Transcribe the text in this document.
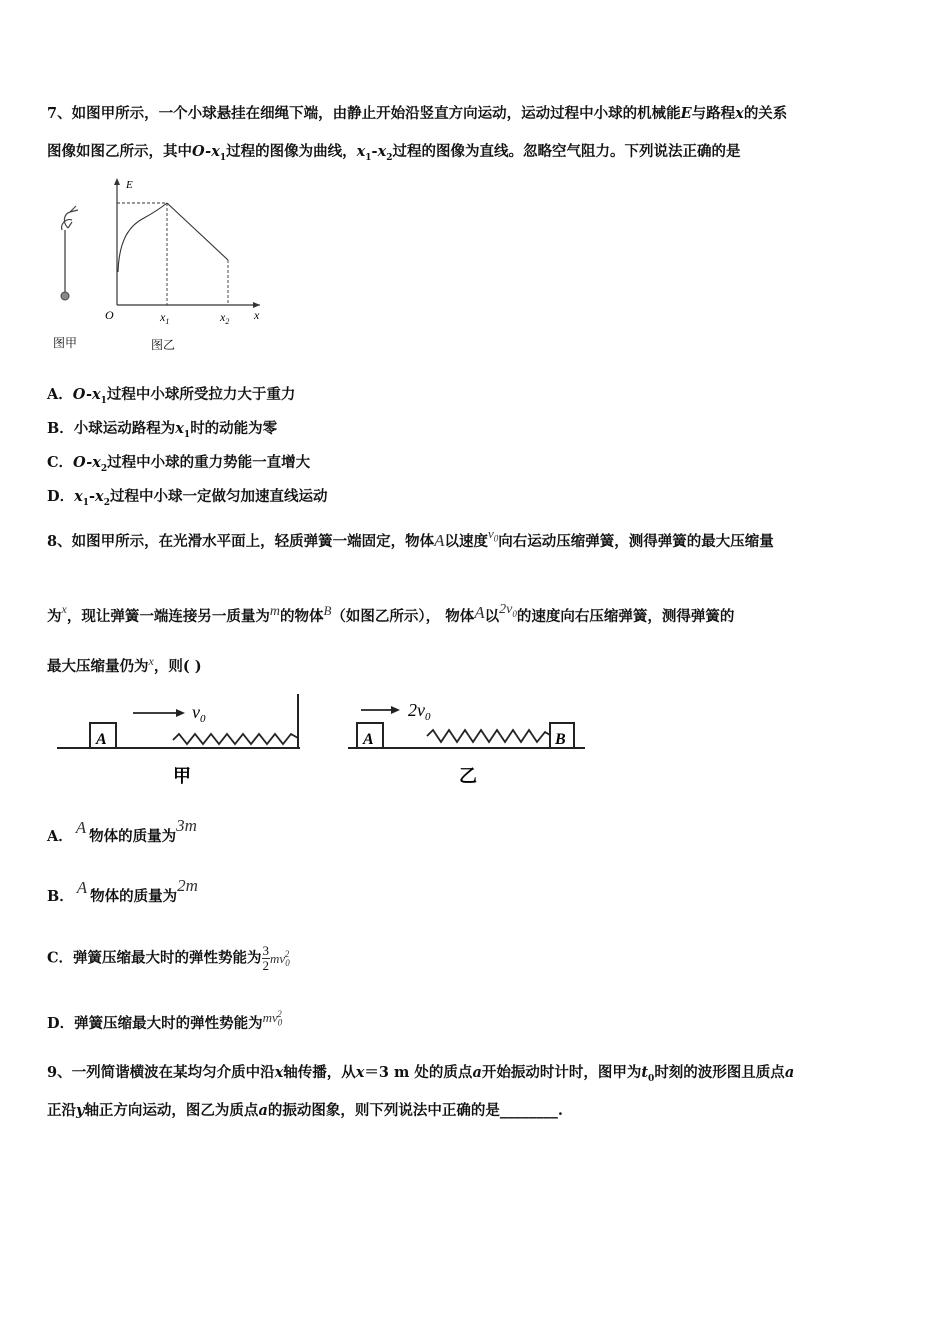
7、如图甲所示，一个小球悬挂在细绳下端，由静止开始沿竖直方向运动，运动过程中小球的机械能E与路程x的关系
图像如图乙所示，其中$O-x_1$过程的图像为曲线，$x_1-x_2$过程的图像为直线。忽略空气阻力。下列说法正确的是
图甲
E
x
O	$x_1$	$x_2$
图乙
A．$O-x_1$过程中小球所受拉力大于重力
B．小球运动路程为$x_1$时的动能为零
C．$O-x_2$过程中小球的重力势能一直增大
D．$x_1-x_2$过程中小球一定做匀加速直线运动
8、如图甲所示，在光滑水平面上，轻质弹簧一端固定，物体A以速度$v_0$向右运动压缩弹簧，测得弹簧的最大压缩量
为$^x$，现让弹簧一端连接另一质量为m的物体B（如图乙所示）， 物体A以$2v_0$的速度向右压缩弹簧，测得弹簧的
最大压缩量仍为$^x$，则( )
A
$v_0$
甲
A	B
$2v_0$
乙
A． A 物体的质量为3m
B． A 物体的质量为2m
C．弹簧压缩最大时的弹性势能为 $\frac{3}{2} mv_0^2$
D．弹簧压缩最大时的弹性势能为$mv_0^2$
9、一列简谐横波在某均匀介质中沿x轴传播，从x＝3 m 处的质点a开始振动时计时，图甲为$t_0$时刻的波形图且质点a
正沿y轴正方向运动，图乙为质点a的振动图象，则下列说法中正确的是________.
